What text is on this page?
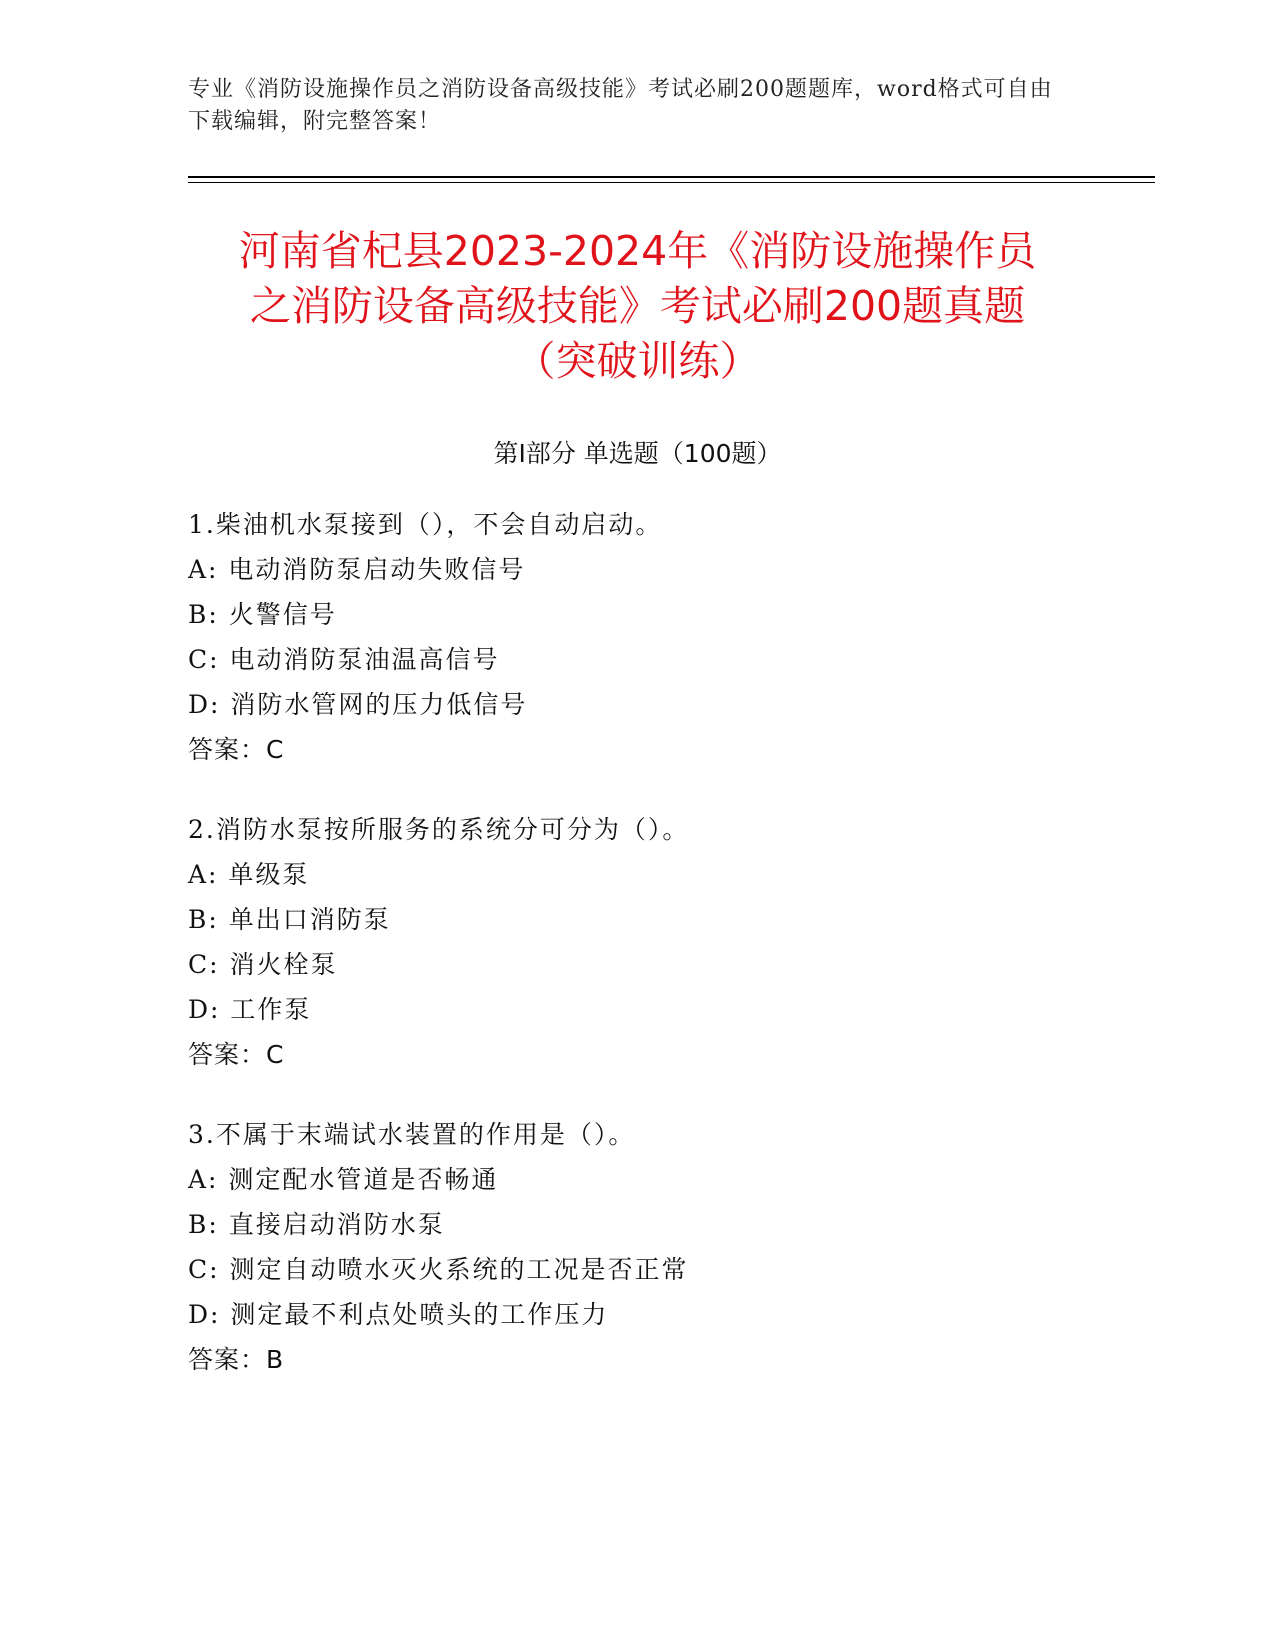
专业《消防设施操作员之消防设备高级技能》考试必刷200题题库，word格式可自由下载编辑，附完整答案！
河南省杞县2023-2024年《消防设施操作员
之消防设备高级技能》考试必刷200题真题
（突破训练）
第Ⅰ部分 单选题（100题）
1.柴油机水泵接到（），不会自动启动。
A: 电动消防泵启动失败信号
B: 火警信号
C: 电动消防泵油温高信号
D: 消防水管网的压力低信号
答案：C
2.消防水泵按所服务的系统分可分为（）。
A: 单级泵
B: 单出口消防泵
C: 消火栓泵
D: 工作泵
答案：C
3.不属于末端试水装置的作用是（）。
A: 测定配水管道是否畅通
B: 直接启动消防水泵
C: 测定自动喷水灭火系统的工况是否正常
D: 测定最不利点处喷头的工作压力
答案：B
